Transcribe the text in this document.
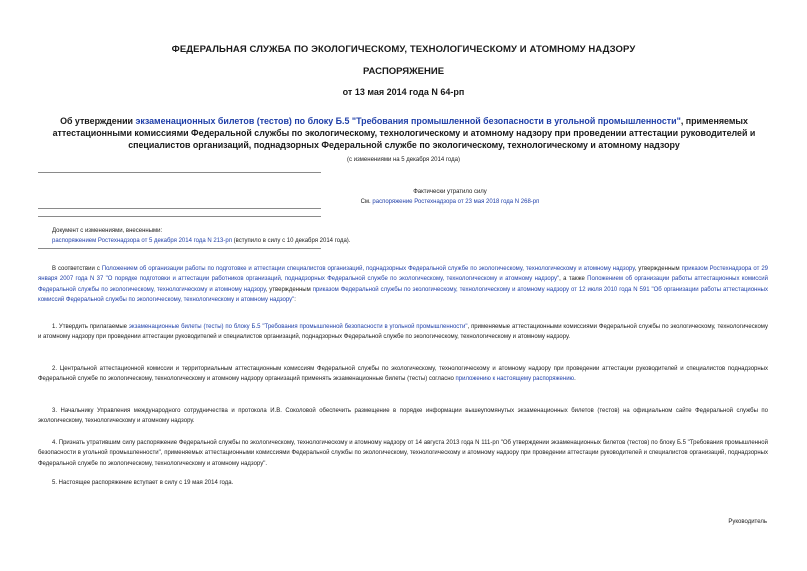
ФЕДЕРАЛЬНАЯ СЛУЖБА ПО ЭКОЛОГИЧЕСКОМУ, ТЕХНОЛОГИЧЕСКОМУ И АТОМНОМУ НАДЗОРУ
РАСПОРЯЖЕНИЕ
от 13 мая 2014 года N 64-рп
Об утверждении экзаменационных билетов (тестов) по блоку Б.5 "Требования промышленной безопасности в угольной промышленности", применяемых аттестационными комиссиями Федеральной службы по экологическому, технологическому и атомному надзору при проведении аттестации руководителей и специалистов организаций, поднадзорных Федеральной службе по экологическому, технологическому и атомному надзору
(с изменениями на 5 декабря 2014 года)
Фактически утратило силу
См. распоряжение Ростехнадзора от 23 мая 2018 года N 268-рп
Документ с изменениями, внесенными:
распоряжением Ростехнадзора от 5 декабря 2014 года N 213-рп (вступило в силу с 10 декабря 2014 года).
В соответствии с Положением об организации работы по подготовке и аттестации специалистов организаций, поднадзорных Федеральной службе по экологическому, технологическому и атомному надзору, утвержденным приказом Ростехнадзора от 29 января 2007 года N 37 "О порядке подготовки и аттестации работников организаций, поднадзорных Федеральной службе по экологическому, технологическому и атомному надзору", а также Положением об организации работы аттестационных комиссий Федеральной службы по экологическому, технологическому и атомному надзору, утвержденным приказом Федеральной службы по экологическому, технологическому и атомному надзору от 12 июля 2010 года N 591 "Об организации работы аттестационных комиссий Федеральной службы по экологическому, технологическому и атомному надзору":
1. Утвердить прилагаемые экзаменационные билеты (тесты) по блоку Б.5 "Требования промышленной безопасности в угольной промышленности", применяемые аттестационными комиссиями Федеральной службы по экологическому, технологическому и атомному надзору при проведении аттестации руководителей и специалистов организаций, поднадзорных Федеральной службе по экологическому, технологическому и атомному надзору.
2. Центральной аттестационной комиссии и территориальным аттестационным комиссиям Федеральной службы по экологическому, технологическому и атомному надзору при проведении аттестации руководителей и специалистов поднадзорных Федеральной службе по экологическому, технологическому и атомному надзору организаций применять экзаменационные билеты (тесты) согласно приложению к настоящему распоряжению.
3. Начальнику Управления международного сотрудничества и протокола И.В. Соколовой обеспечить размещение в порядке информации вышеупомянутых экзаменационных билетов (тестов) на официальном сайте Федеральной службы по экологическому, технологическому и атомному надзору.
4. Признать утратившим силу распоряжение Федеральной службы по экологическому, технологическому и атомному надзору от 14 августа 2013 года N 111-рп "Об утверждении экзаменационных билетов (тестов) по блоку Б.5 "Требования промышленной безопасности в угольной промышленности", применяемых аттестационными комиссиями Федеральной службы по экологическому, технологическому и атомному надзору при проведении аттестации руководителей и специалистов организаций, поднадзорных Федеральной службе по экологическому, технологическому и атомному надзору".
5. Настоящее распоряжение вступает в силу с 19 мая 2014 года.
Руководитель
